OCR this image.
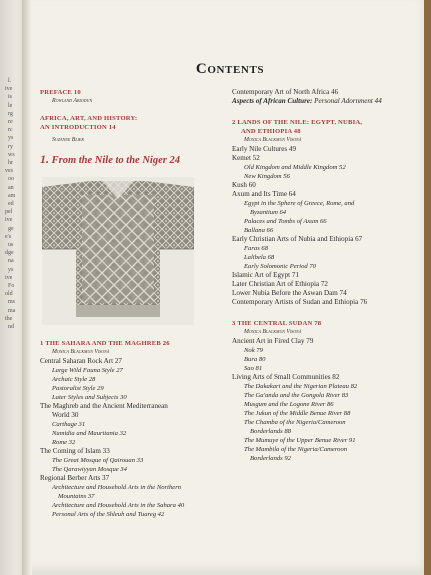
l.
ive
is
le
rg
re
n:
ys
ry
ws
hr
ves
oo
an
am
ed
pel
ive
ge
e's
us
dge
na
ys
ive
Fo
old
ms
ma
the
nd
Contents
PREFACE 10
Rowland Abiodun
AFRICA, ART, AND HISTORY:
AN INTRODUCTION 14
Suzanne Blier
1. From the Nile to the Niger 24
1 THE SAHARA AND THE MAGHREB 26
Monica Blackmun Visonà
Central Saharan Rock Art 27
Large Wild Fauna Style 27
Archaic Style 28
Pastoralist Style 29
Later Styles and Subjects 30
The Maghreb and the Ancient Mediterranean
World 30
Carthage 31
Numidia and Mauritania 32
Rome 32
The Coming of Islam 33
The Great Mosque of Qairouan 33
The Qarawiyyan Mosque 34
Regional Berber Arts 37
Architecture and Household Arts in the Northern
Mountains 37
Architecture and Household Arts in the Sahara 40
Personal Arts of the Shleuh and Tuareg 42
Contemporary Art of North Africa 46
Aspects of African Culture: Personal Adornment 44
2 LANDS OF THE NILE: EGYPT, NUBIA,
AND ETHIOPIA 48
Monica Blackmun Visonà
Early Nile Cultures 49
Kemet 52
Old Kingdom and Middle Kingdom 52
New Kingdom 56
Kush 60
Axum and Its Time 64
Egypt in the Sphere of Greece, Rome, and
Byzantium 64
Palaces and Tombs of Axum 66
Ballana 66
Early Christian Arts of Nubia and Ethiopia 67
Faras 68
Lalibela 68
Early Solomonic Period 70
Islamic Art of Egypt 71
Later Christian Art of Ethiopia 72
Lower Nubia Before the Aswan Dam 74
Contemporary Artists of Sudan and Ethiopia 76
3 THE CENTRAL SUDAN 78
Monica Blackmun Visonà
Ancient Art in Fired Clay 79
Nok 79
Bura 80
Sao 81
Living Arts of Small Communities 82
The Dakakari and the Nigerian Plateau 82
The Ga'anda and the Gongola River 83
Musgum and the Logone River 86
The Jukun of the Middle Benue River 88
The Chamba of the Nigeria/Cameroon
Borderlands 88
The Mumuye of the Upper Benue River 91
The Mambila of the Nigeria/Cameroon
Borderlands 92
